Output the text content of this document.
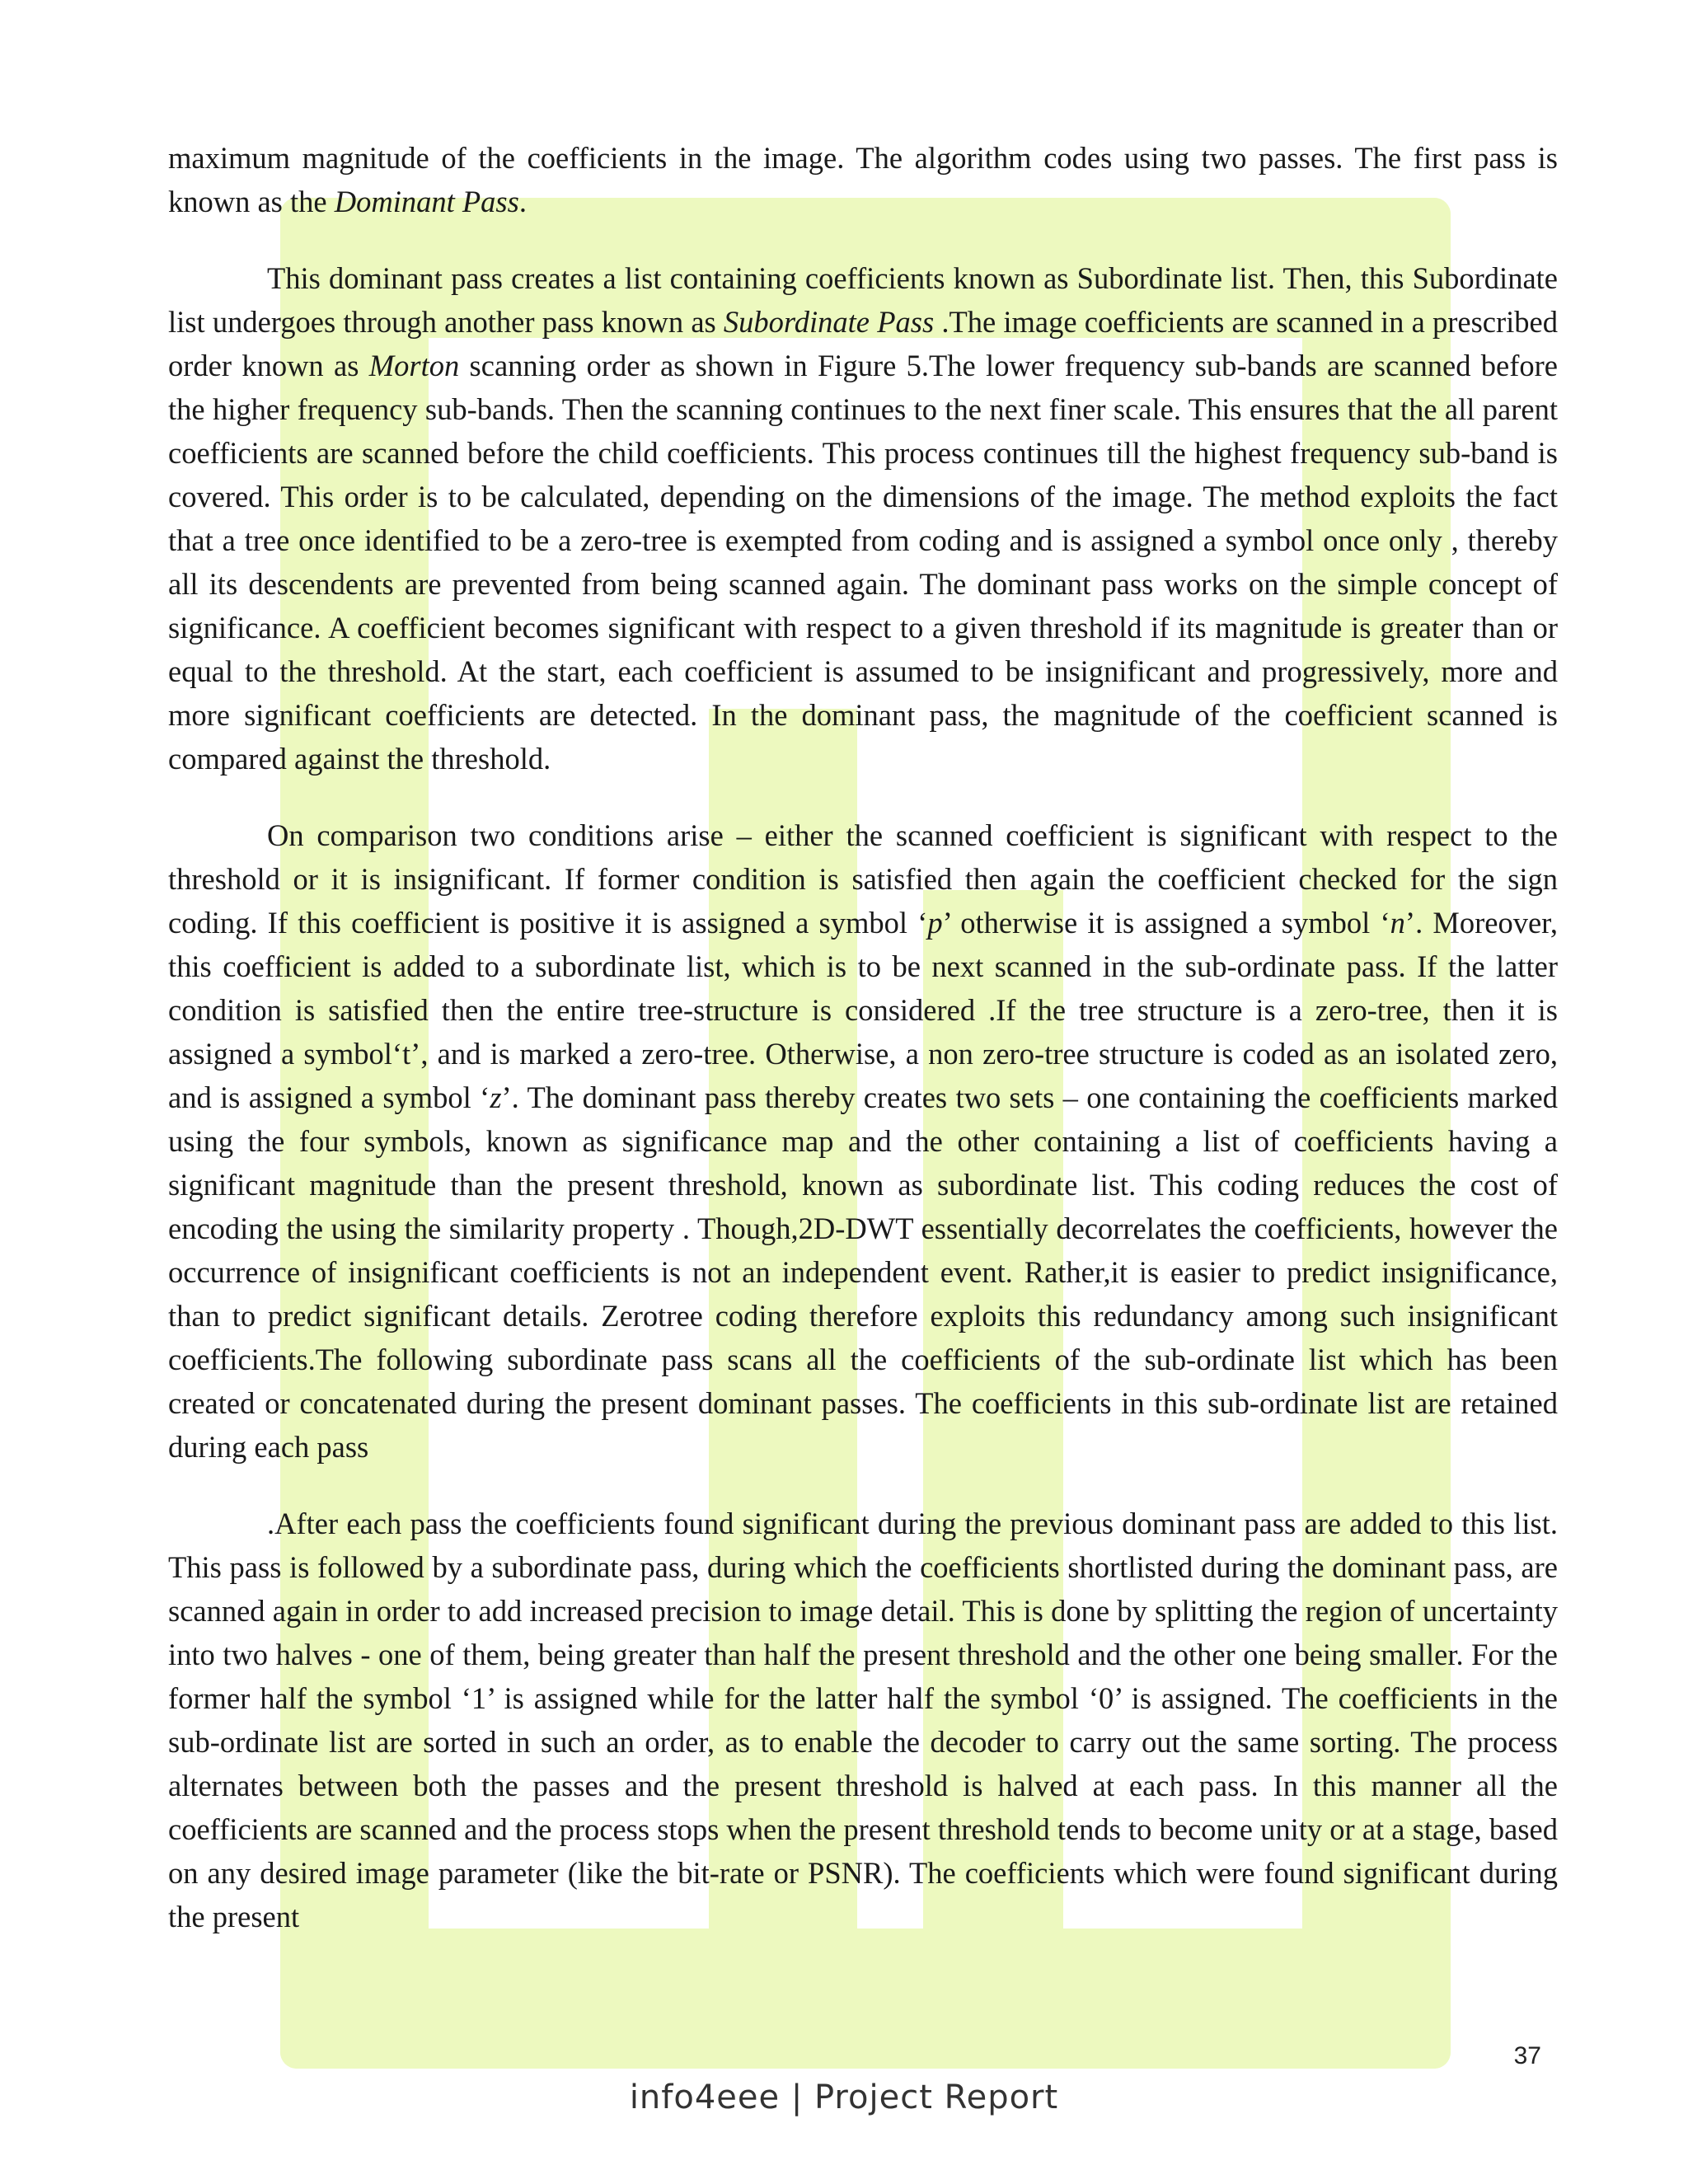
maximum magnitude of the coefficients in the image. The algorithm codes using two passes. The first pass is known as the Dominant Pass.

This dominant pass creates a list containing coefficients known as Subordinate list. Then, this Subordinate list undergoes through another pass known as Subordinate Pass .The image coefficients are scanned in a prescribed order known as Morton scanning order as shown in Figure 5.The lower frequency sub-bands are scanned before the higher frequency sub-bands. Then the scanning continues to the next finer scale. This ensures that the all parent coefficients are scanned before the child coefficients. This process continues till the highest frequency sub-band is covered. This order is to be calculated, depending on the dimensions of the image. The method exploits the fact that a tree once identified to be a zero-tree is exempted from coding and is assigned a symbol once only , thereby all its descendents are prevented from being scanned again. The dominant pass works on the simple concept of significance. A coefficient becomes significant with respect to a given threshold if its magnitude is greater than or equal to the threshold. At the start, each coefficient is assumed to be insignificant and progressively, more and more significant coefficients are detected. In the dominant pass, the magnitude of the coefficient scanned is compared against the threshold.

On comparison two conditions arise – either the scanned coefficient is significant with respect to the threshold or it is insignificant. If former condition is satisfied then again the coefficient checked for the sign coding. If this coefficient is positive it is assigned a symbol ‘p’ otherwise it is assigned a symbol ‘n’. Moreover, this coefficient is added to a subordinate list, which is to be next scanned in the sub-ordinate pass. If the latter condition is satisfied then the entire tree-structure is considered .If the tree structure is a zero-tree, then it is assigned a symbol‘t’, and is marked a zero-tree. Otherwise, a non zero-tree structure is coded as an isolated zero, and is assigned a symbol ‘z’. The dominant pass thereby creates two sets – one containing the coefficients marked using the four symbols, known as significance map and the other containing a list of coefficients having a significant magnitude than the present threshold, known as subordinate list. This coding reduces the cost of encoding the using the similarity property . Though,2D-DWT essentially decorrelates the coefficients, however the occurrence of insignificant coefficients is not an independent event. Rather,it is easier to predict insignificance, than to predict significant details. Zerotree coding therefore exploits this redundancy among such insignificant coefficients.The following subordinate pass scans all the coefficients of the sub-ordinate list which has been created or concatenated during the present dominant passes. The coefficients in this sub-ordinate list are retained during each pass

.After each pass the coefficients found significant during the previous dominant pass are added to this list. This pass is followed by a subordinate pass, during which the coefficients shortlisted during the dominant pass, are scanned again in order to add increased precision to image detail. This is done by splitting the region of uncertainty into two halves - one of them, being greater than half the present threshold and the other one being smaller. For the former half the symbol ‘1’ is assigned while for the latter half the symbol ‘0’ is assigned. The coefficients in the sub-ordinate list are sorted in such an order, as to enable the decoder to carry out the same sorting. The process alternates between both the passes and the present threshold is halved at each pass. In this manner all the coefficients are scanned and the process stops when the present threshold tends to become unity or at a stage, based on any desired image parameter (like the bit-rate or PSNR). The coefficients which were found significant during the present

37
info4eee | Project Report
